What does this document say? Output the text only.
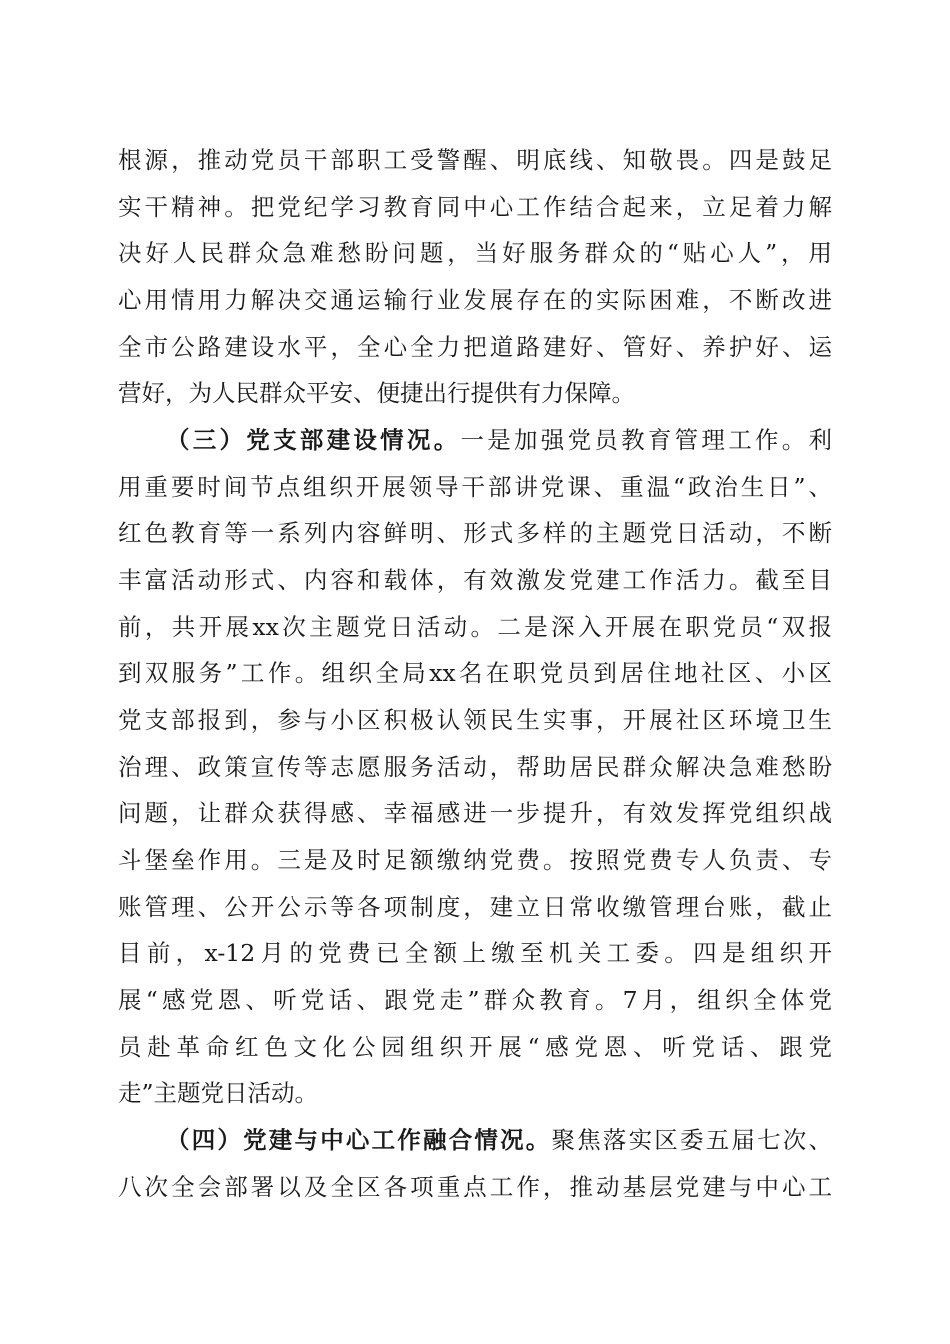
根源，推动党员干部职工受警醒、明底线、知敬畏。四是鼓足
实干精神。把党纪学习教育同中心工作结合起来，立足着力解
决好人民群众急难愁盼问题，当好服务群众的“贴心人”，用
心用情用力解决交通运输行业发展存在的实际困难，不断改进
全市公路建设水平，全心全力把道路建好、管好、养护好、运
营好，为人民群众平安、便捷出行提供有力保障。
（三）党支部建设情况。一是加强党员教育管理工作。利
用重要时间节点组织开展领导干部讲党课、重温“政治生日”、
红色教育等一系列内容鲜明、形式多样的主题党日活动，不断
丰富活动形式、内容和载体，有效激发党建工作活力。截至目
前，共开展xx次主题党日活动。二是深入开展在职党员“双报
到双服务”工作。组织全局xx名在职党员到居住地社区、小区
党支部报到，参与小区积极认领民生实事，开展社区环境卫生
治理、政策宣传等志愿服务活动，帮助居民群众解决急难愁盼
问题，让群众获得感、幸福感进一步提升，有效发挥党组织战
斗堡垒作用。三是及时足额缴纳党费。按照党费专人负责、专
账管理、公开公示等各项制度，建立日常收缴管理台账，截止
目前，x-12月的党费已全额上缴至机关工委。四是组织开
展“感党恩、听党话、跟党走”群众教育。7月，组织全体党
员赴革命红色文化公园组织开展“感党恩、听党话、跟党
走”主题党日活动。
（四）党建与中心工作融合情况。聚焦落实区委五届七次、
八次全会部署以及全区各项重点工作，推动基层党建与中心工
